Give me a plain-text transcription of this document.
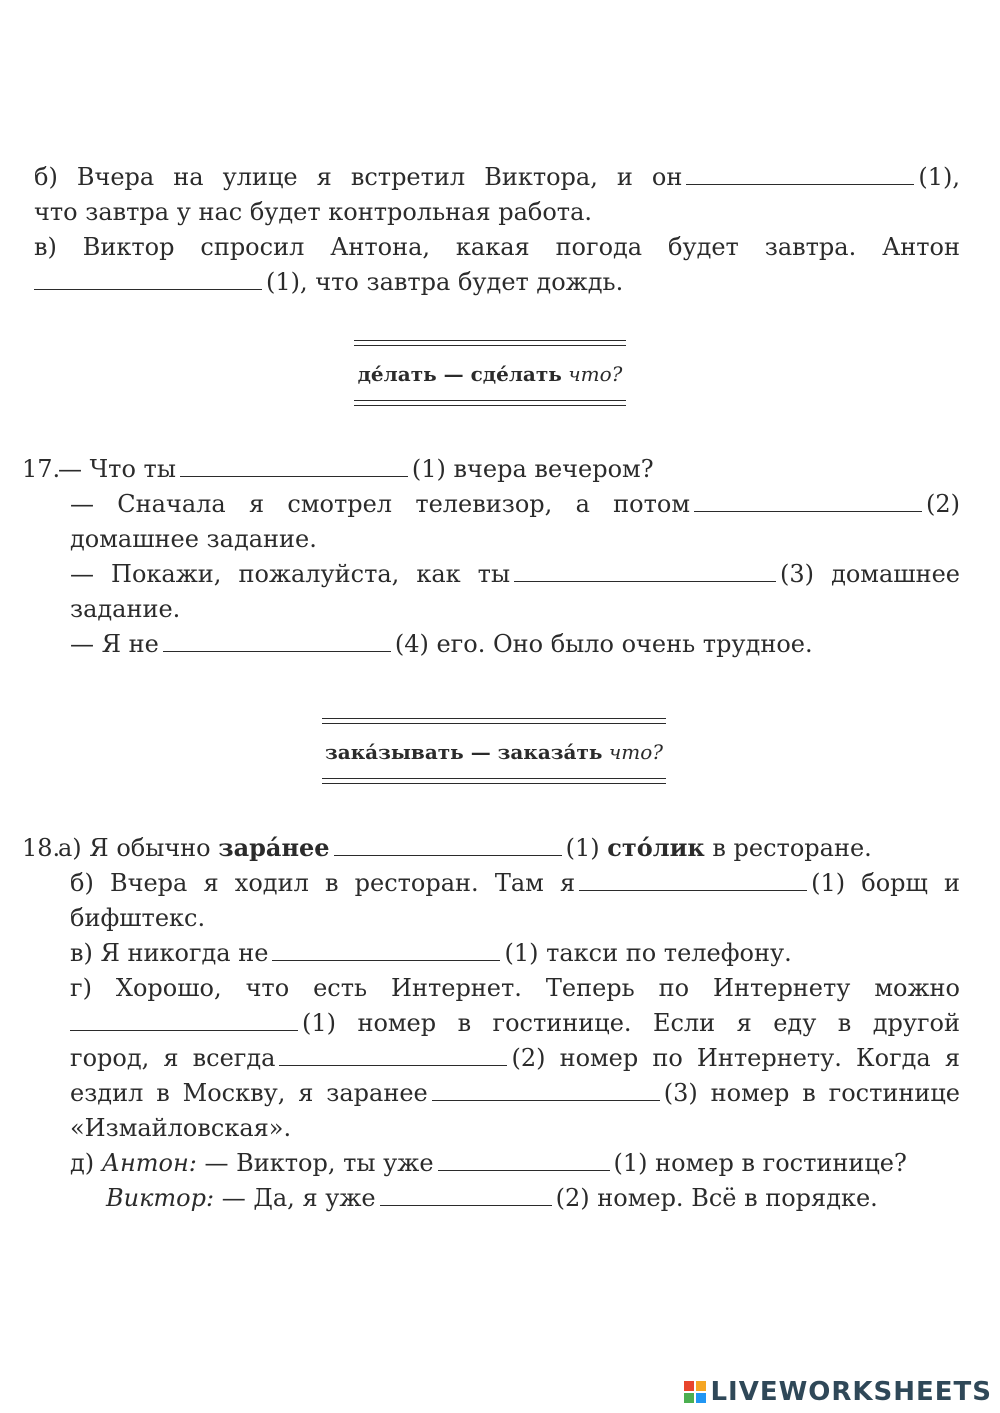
б) Вчера на улице я встретил Виктора, и он	(1),
что завтра у нас будет контрольная работа.
в) Виктор спросил Антона, какая погода будет завтра. Антон
(1), что завтра будет дождь.
де́лать — сде́лать что?
17.— Что ты	(1) вчера вечером?
— Сначала я смотрел телевизор, а потом	(2)
домашнее задание.
— Покажи, пожалуйста, как ты	(3) домашнее
задание.
— Я не	(4) его. Оно было очень трудное.
зака́зывать — заказа́ть что?
18.а) Я обычно зара́нее	(1) сто́лик в ресторане.
б) Вчера я ходил в ресторан. Там я	(1) борщ и
бифштекс.
в) Я никогда не	(1) такси по телефону.
г) Хорошо, что есть Интернет. Теперь по Интернету можно
(1) номер в гостинице. Если я еду в другой
город, я всегда	(2) номер по Интернету. Когда я
ездил в Москву, я заранее	(3) номер в гостинице
«Измайловская».
д) Антон: — Виктор, ты уже	(1) номер в гостинице?
Виктор: — Да, я уже	(2) номер. Всё в порядке.
LIVEWORKSHEETS
